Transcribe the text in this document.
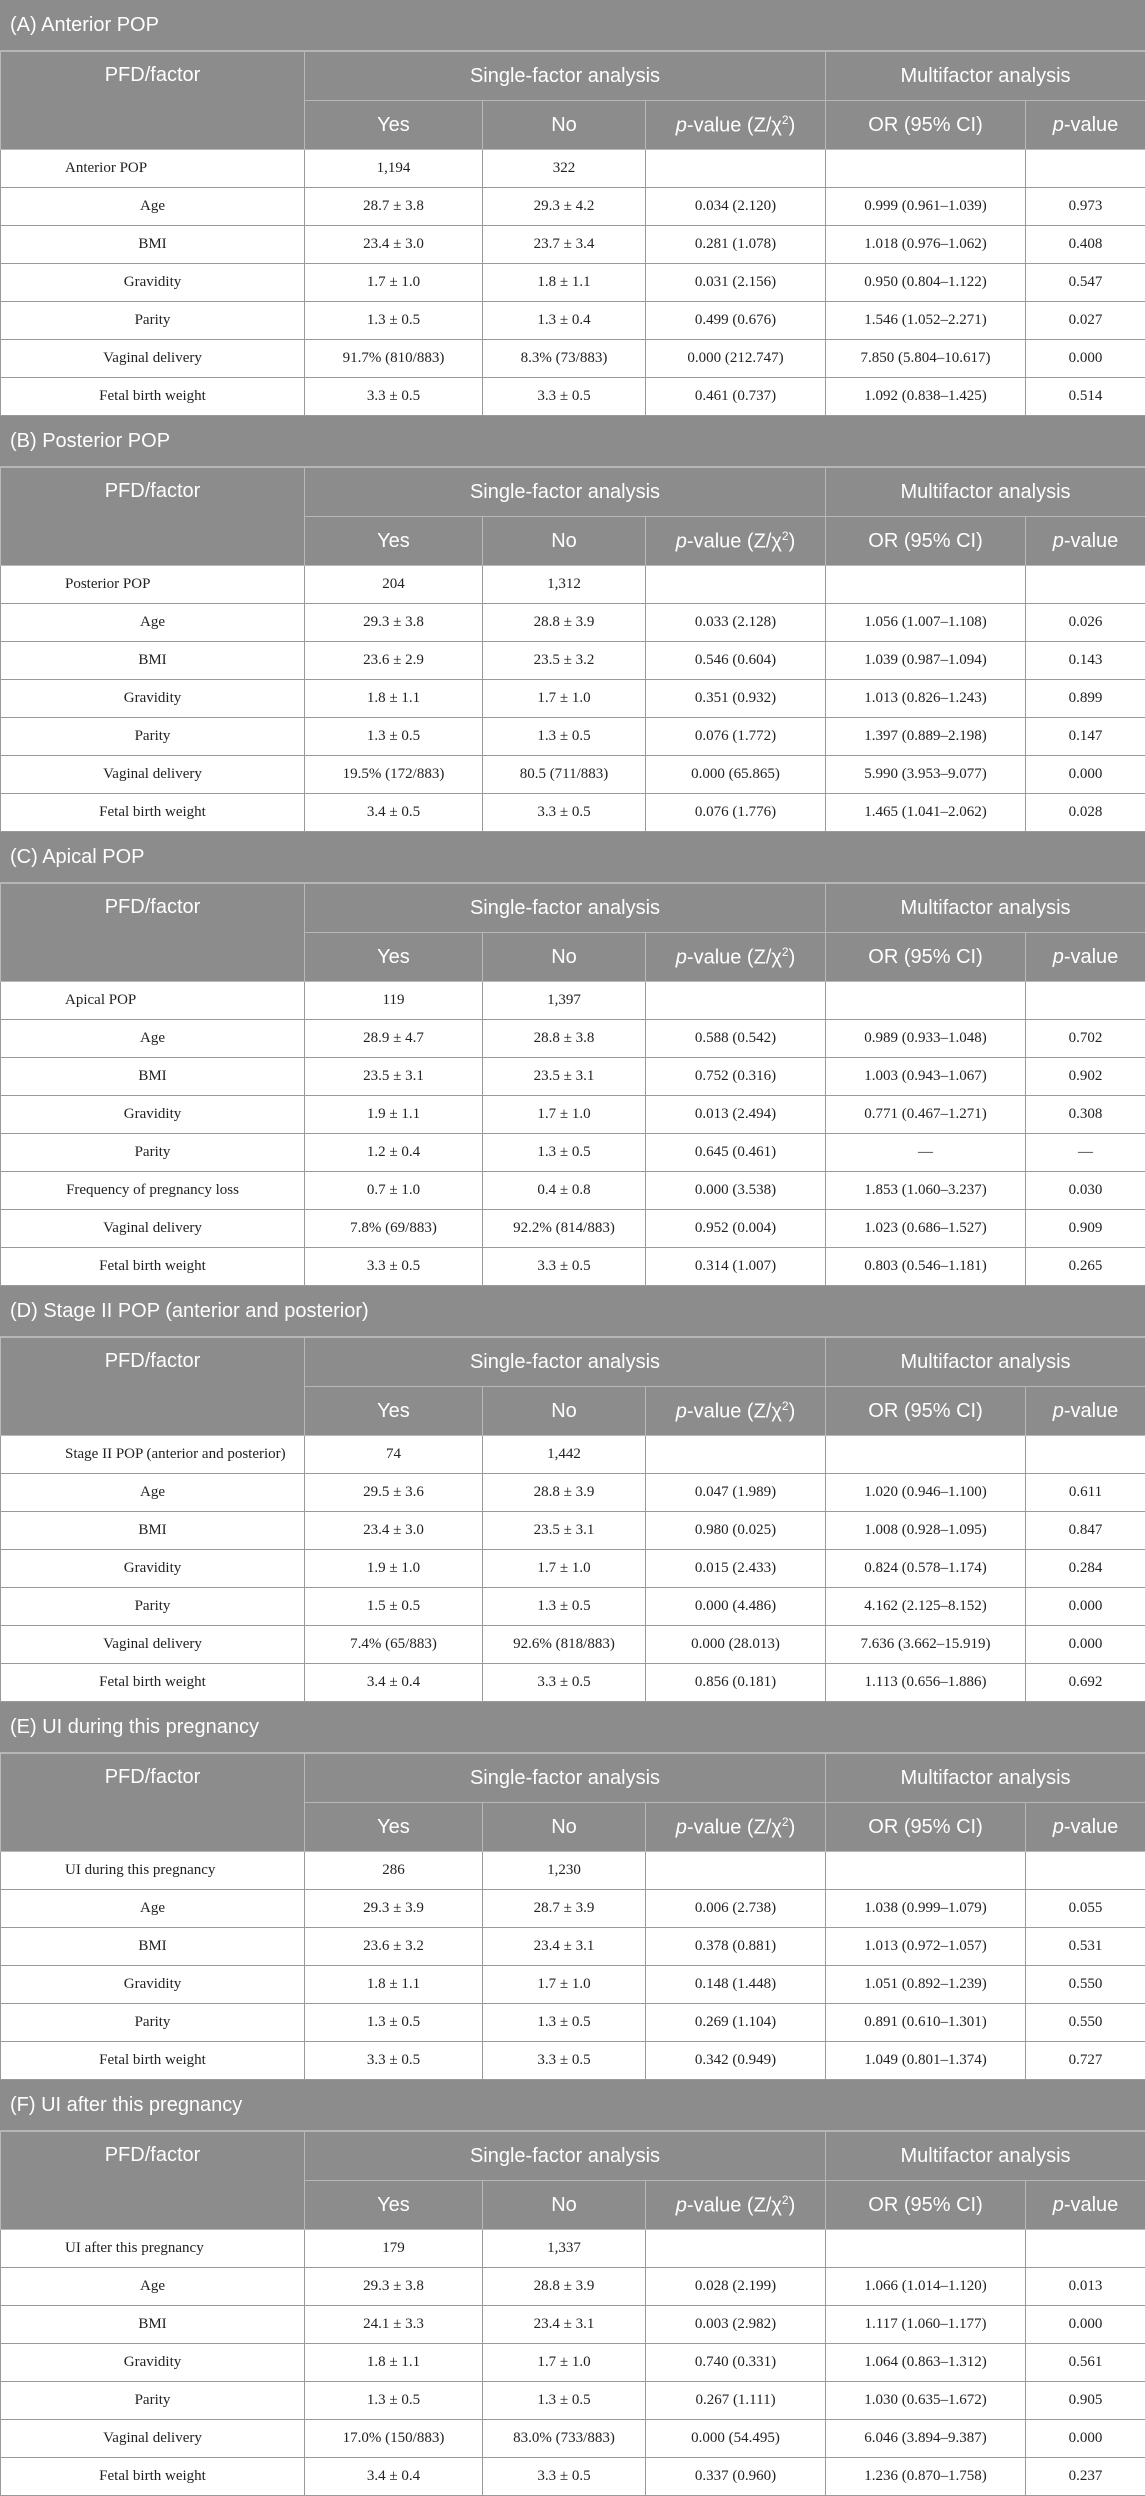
(A) Anterior POP
PFD/factor	Single-factor analysis			Multifactor analysis	
	Yes	No	p-value $(Z/\chi^2)$	OR (95% CI)	p-value
Anterior POP	1,194	322			
Age	28.7 ± 3.8	29.3 ± 4.2	0.034 (2.120)	0.999 (0.961–1.039)	0.973
BMI	23.4 ± 3.0	23.7 ± 3.4	0.281 (1.078)	1.018 (0.976–1.062)	0.408
Gravidity	1.7 ± 1.0	1.8 ± 1.1	0.031 (2.156)	0.950 (0.804–1.122)	0.547
Parity	1.3 ± 0.5	1.3 ± 0.4	0.499 (0.676)	1.546 (1.052–2.271)	0.027
Vaginal delivery	91.7% (810/883)	8.3% (73/883)	0.000 (212.747)	7.850 (5.804–10.617)	0.000
Fetal birth weight	3.3 ± 0.5	3.3 ± 0.5	0.461 (0.737)	1.092 (0.838–1.425)	0.514
(B) Posterior POP
PFD/factor	Single-factor analysis			Multifactor analysis	
	Yes	No	p-value $(Z/\chi^2)$	OR (95% CI)	p-value
Posterior POP	204	1,312			
Age	29.3 ± 3.8	28.8 ± 3.9	0.033 (2.128)	1.056 (1.007–1.108)	0.026
BMI	23.6 ± 2.9	23.5 ± 3.2	0.546 (0.604)	1.039 (0.987–1.094)	0.143
Gravidity	1.8 ± 1.1	1.7 ± 1.0	0.351 (0.932)	1.013 (0.826–1.243)	0.899
Parity	1.3 ± 0.5	1.3 ± 0.5	0.076 (1.772)	1.397 (0.889–2.198)	0.147
Vaginal delivery	19.5% (172/883)	80.5 (711/883)	0.000 (65.865)	5.990 (3.953–9.077)	0.000
Fetal birth weight	3.4 ± 0.5	3.3 ± 0.5	0.076 (1.776)	1.465 (1.041–2.062)	0.028
(C) Apical POP
PFD/factor	Single-factor analysis			Multifactor analysis	
	Yes	No	p-value $(Z/\chi^2)$	OR (95% CI)	p-value
Apical POP	119	1,397			
Age	28.9 ± 4.7	28.8 ± 3.8	0.588 (0.542)	0.989 (0.933–1.048)	0.702
BMI	23.5 ± 3.1	23.5 ± 3.1	0.752 (0.316)	1.003 (0.943–1.067)	0.902
Gravidity	1.9 ± 1.1	1.7 ± 1.0	0.013 (2.494)	0.771 (0.467–1.271)	0.308
Parity	1.2 ± 0.4	1.3 ± 0.5	0.645 (0.461)	—	—
Frequency of pregnancy loss	0.7 ± 1.0	0.4 ± 0.8	0.000 (3.538)	1.853 (1.060–3.237)	0.030
Vaginal delivery	7.8% (69/883)	92.2% (814/883)	0.952 (0.004)	1.023 (0.686–1.527)	0.909
Fetal birth weight	3.3 ± 0.5	3.3 ± 0.5	0.314 (1.007)	0.803 (0.546–1.181)	0.265
(D) Stage II POP (anterior and posterior)
PFD/factor	Single-factor analysis			Multifactor analysis	
	Yes	No	p-value $(Z/\chi^2)$	OR (95% CI)	p-value
Stage II POP (anterior and posterior)	74	1,442			
Age	29.5 ± 3.6	28.8 ± 3.9	0.047 (1.989)	1.020 (0.946–1.100)	0.611
BMI	23.4 ± 3.0	23.5 ± 3.1	0.980 (0.025)	1.008 (0.928–1.095)	0.847
Gravidity	1.9 ± 1.0	1.7 ± 1.0	0.015 (2.433)	0.824 (0.578–1.174)	0.284
Parity	1.5 ± 0.5	1.3 ± 0.5	0.000 (4.486)	4.162 (2.125–8.152)	0.000
Vaginal delivery	7.4% (65/883)	92.6% (818/883)	0.000 (28.013)	7.636 (3.662–15.919)	0.000
Fetal birth weight	3.4 ± 0.4	3.3 ± 0.5	0.856 (0.181)	1.113 (0.656–1.886)	0.692
(E) UI during this pregnancy
PFD/factor	Single-factor analysis			Multifactor analysis	
	Yes	No	p-value $(Z/\chi^2)$	OR (95% CI)	p-value
UI during this pregnancy	286	1,230			
Age	29.3 ± 3.9	28.7 ± 3.9	0.006 (2.738)	1.038 (0.999–1.079)	0.055
BMI	23.6 ± 3.2	23.4 ± 3.1	0.378 (0.881)	1.013 (0.972–1.057)	0.531
Gravidity	1.8 ± 1.1	1.7 ± 1.0	0.148 (1.448)	1.051 (0.892–1.239)	0.550
Parity	1.3 ± 0.5	1.3 ± 0.5	0.269 (1.104)	0.891 (0.610–1.301)	0.550
Fetal birth weight	3.3 ± 0.5	3.3 ± 0.5	0.342 (0.949)	1.049 (0.801–1.374)	0.727
(F) UI after this pregnancy
PFD/factor	Single-factor analysis			Multifactor analysis	
	Yes	No	p-value $(Z/\chi^2)$	OR (95% CI)	p-value
UI after this pregnancy	179	1,337			
Age	29.3 ± 3.8	28.8 ± 3.9	0.028 (2.199)	1.066 (1.014–1.120)	0.013
BMI	24.1 ± 3.3	23.4 ± 3.1	0.003 (2.982)	1.117 (1.060–1.177)	0.000
Gravidity	1.8 ± 1.1	1.7 ± 1.0	0.740 (0.331)	1.064 (0.863–1.312)	0.561
Parity	1.3 ± 0.5	1.3 ± 0.5	0.267 (1.111)	1.030 (0.635–1.672)	0.905
Vaginal delivery	17.0% (150/883)	83.0% (733/883)	0.000 (54.495)	6.046 (3.894–9.387)	0.000
Fetal birth weight	3.4 ± 0.4	3.3 ± 0.5	0.337 (0.960)	1.236 (0.870–1.758)	0.237
